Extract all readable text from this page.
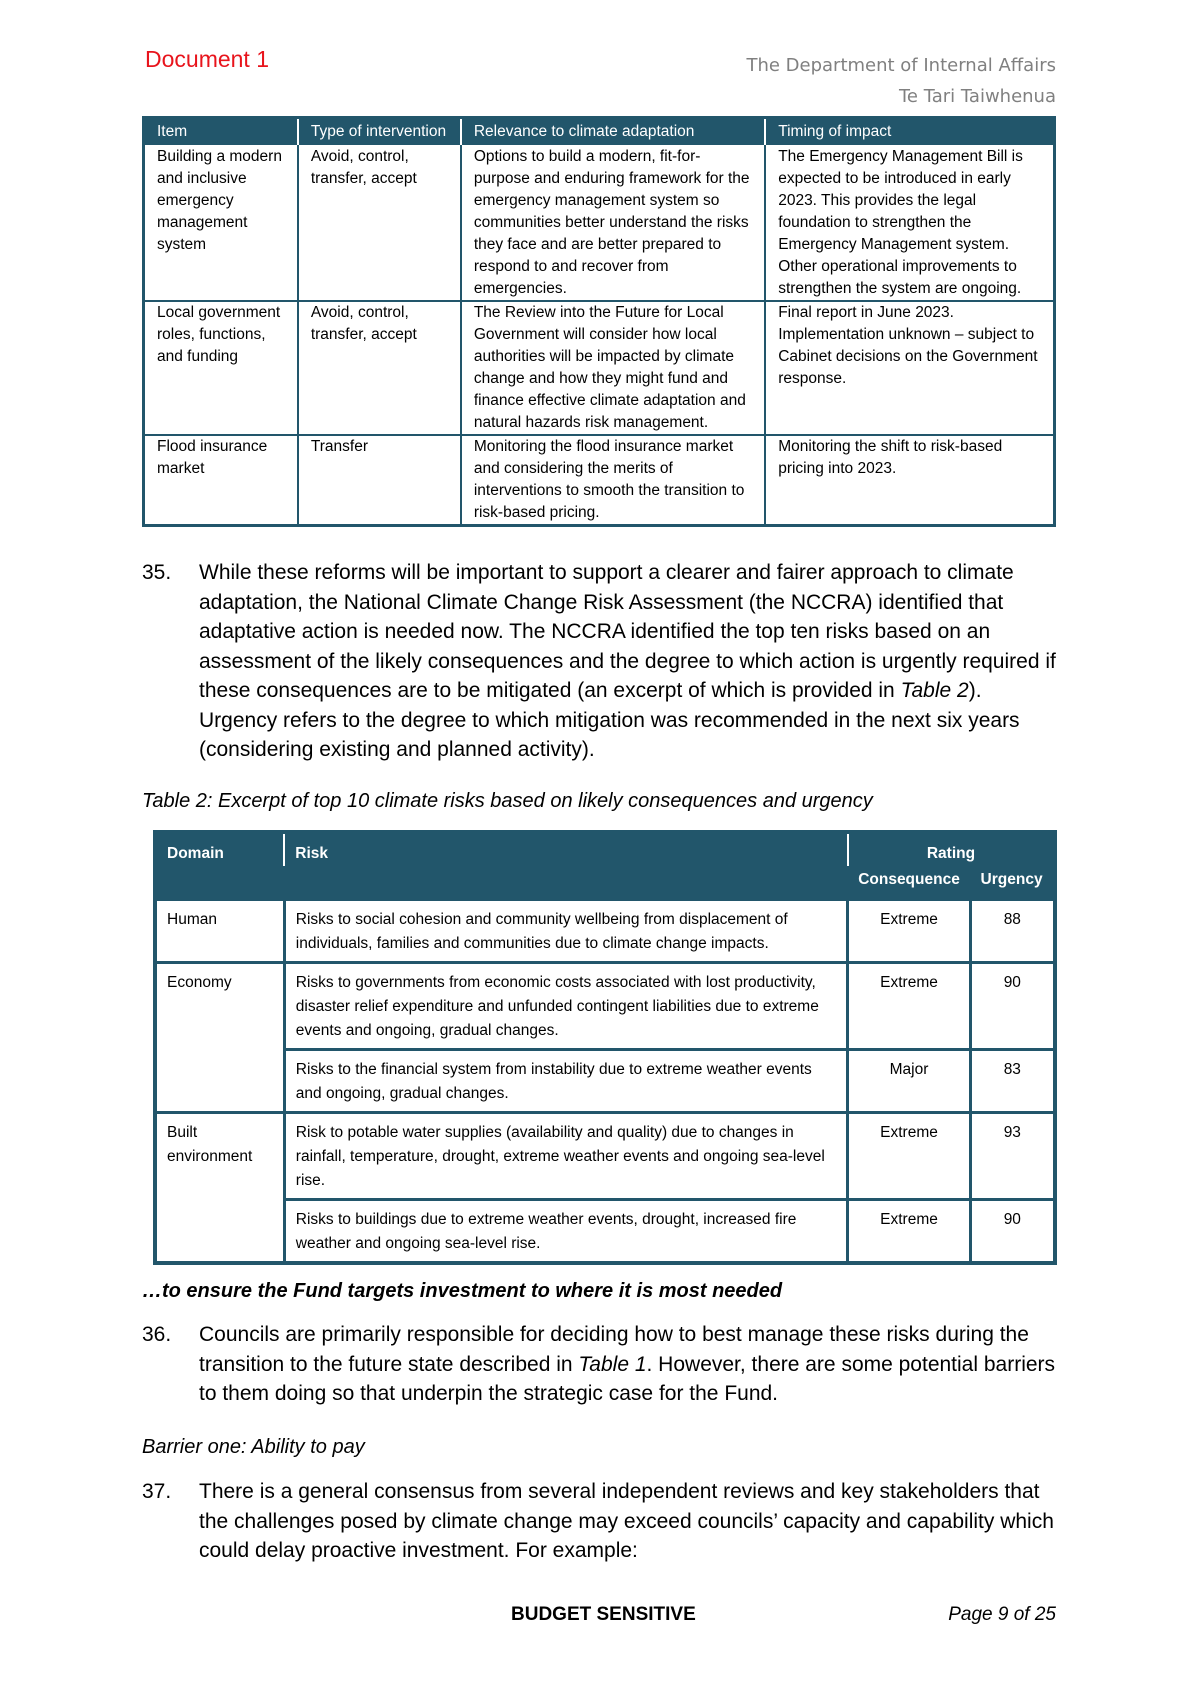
Document 1	The Department of Internal Affairs
Te Tari Taiwhenua
Item	Type of intervention	Relevance to climate adaptation	Timing of impact
Building a modern and inclusive emergency management system	Avoid, control, transfer, accept	Options to build a modern, fit-for-purpose and enduring framework for the emergency management system so communities better understand the risks they face and are better prepared to respond to and recover from emergencies.	The Emergency Management Bill is expected to be introduced in early 2023. This provides the legal foundation to strengthen the Emergency Management system. Other operational improvements to strengthen the system are ongoing.
Local government roles, functions, and funding	Avoid, control, transfer, accept	The Review into the Future for Local Government will consider how local authorities will be impacted by climate change and how they might fund and finance effective climate adaptation and natural hazards risk management.	Final report in June 2023. Implementation unknown – subject to Cabinet decisions on the Government response.
Flood insurance market	Transfer	Monitoring the flood insurance market and considering the merits of interventions to smooth the transition to risk-based pricing.	Monitoring the shift to risk-based pricing into 2023.
35. While these reforms will be important to support a clearer and fairer approach to climate adaptation, the National Climate Change Risk Assessment (the NCCRA) identified that adaptative action is needed now. The NCCRA identified the top ten risks based on an assessment of the likely consequences and the degree to which action is urgently required if these consequences are to be mitigated (an excerpt of which is provided in Table 2). Urgency refers to the degree to which mitigation was recommended in the next six years (considering existing and planned activity).
Table 2: Excerpt of top 10 climate risks based on likely consequences and urgency
Domain	Risk	Rating	
		Consequence	Urgency
Human	Risks to social cohesion and community wellbeing from displacement of individuals, families and communities due to climate change impacts.	Extreme	88
Economy	Risks to governments from economic costs associated with lost productivity, disaster relief expenditure and unfunded contingent liabilities due to extreme events and ongoing, gradual changes.	Extreme	90
	Risks to the financial system from instability due to extreme weather events and ongoing, gradual changes.	Major	83
Built environment	Risk to potable water supplies (availability and quality) due to changes in rainfall, temperature, drought, extreme weather events and ongoing sea-level rise.	Extreme	93
	Risks to buildings due to extreme weather events, drought, increased fire weather and ongoing sea-level rise.	Extreme	90
…to ensure the Fund targets investment to where it is most needed
36. Councils are primarily responsible for deciding how to best manage these risks during the transition to the future state described in Table 1. However, there are some potential barriers to them doing so that underpin the strategic case for the Fund.
Barrier one: Ability to pay
37. There is a general consensus from several independent reviews and key stakeholders that the challenges posed by climate change may exceed councils’ capacity and capability which could delay proactive investment. For example:
BUDGET SENSITIVE	Page 9 of 25
